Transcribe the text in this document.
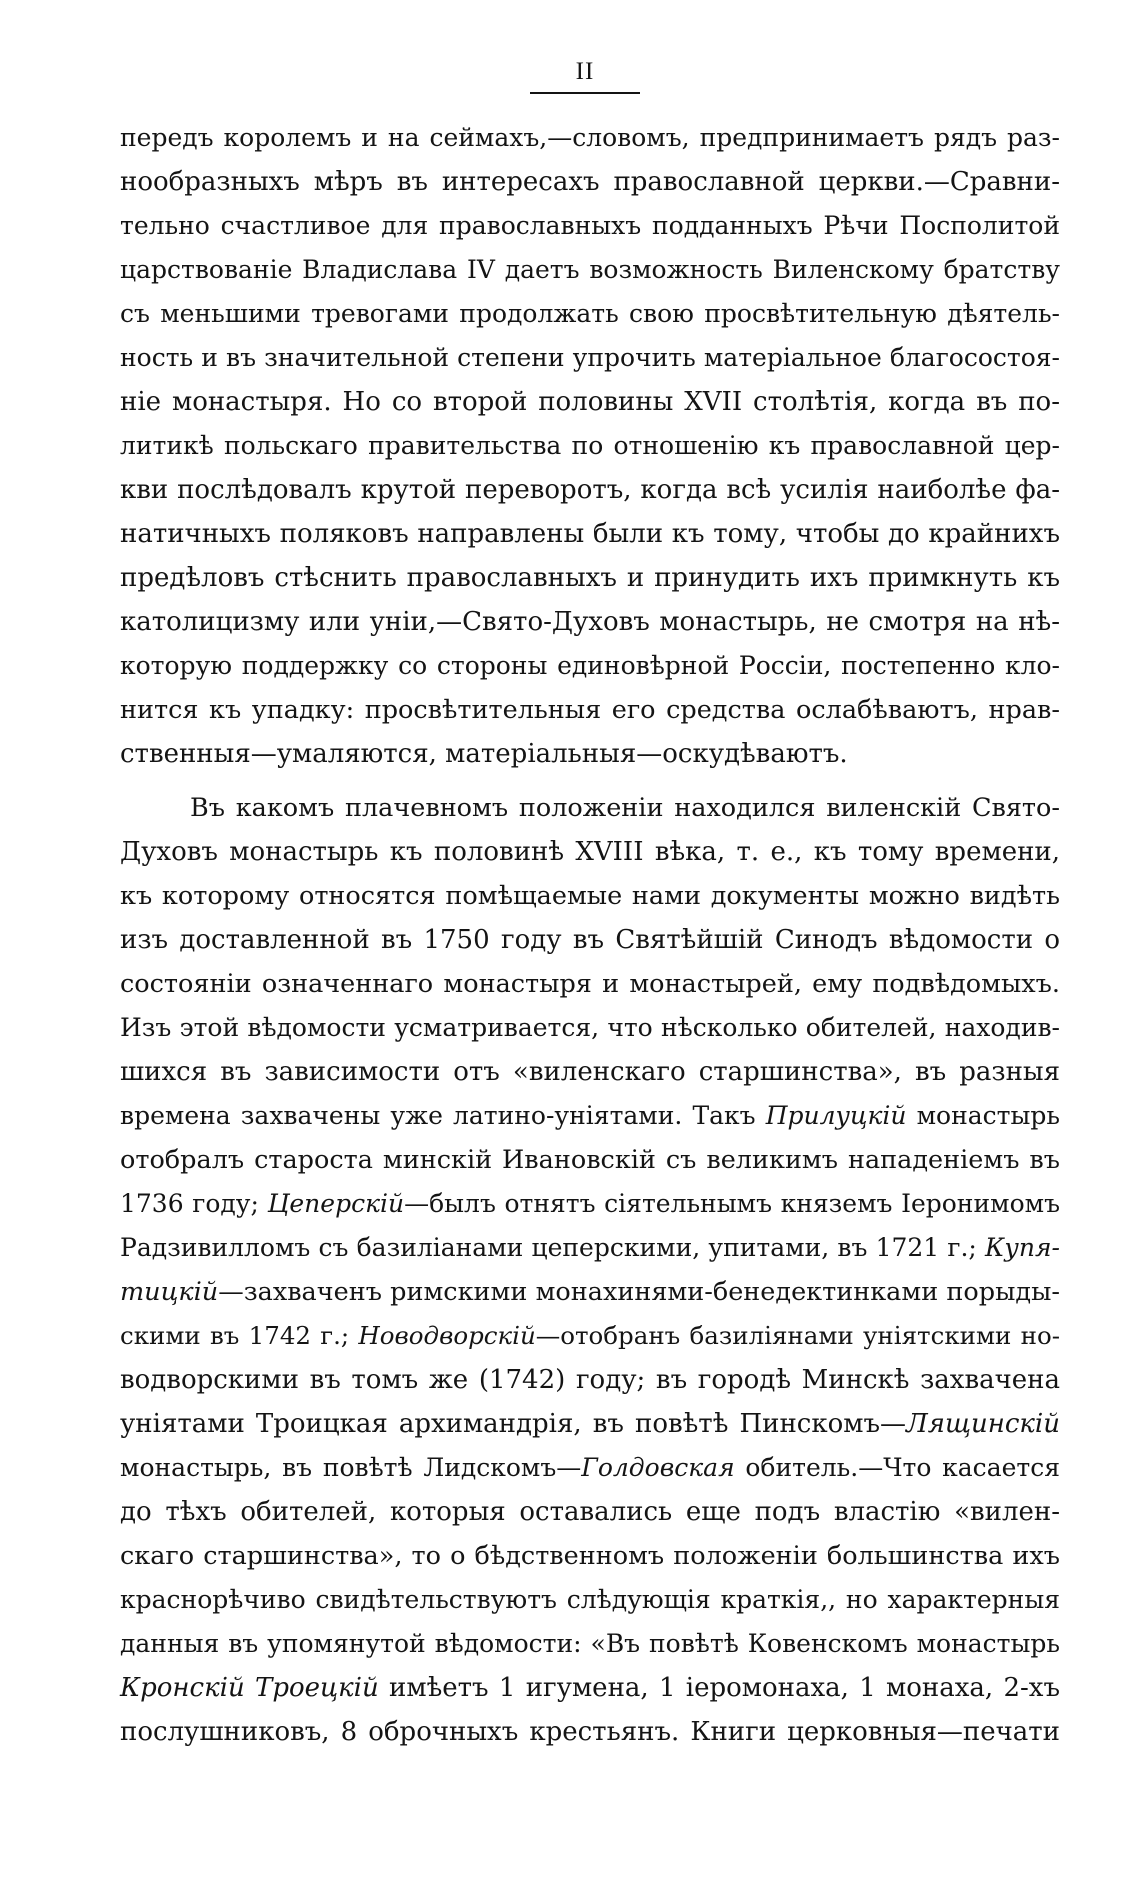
II
передъ королемъ и на сеймахъ,—словомъ, предпринимаетъ рядъ раз-
нообразныхъ мѣръ въ интересахъ православной церкви.—Сравни-
тельно счастливое для православныхъ подданныхъ Рѣчи Посполитой
царствованіе Владислава IV даетъ возможность Виленскому братству
съ меньшими тревогами продолжать свою просвѣтительную дѣятель-
ность и въ значительной степени упрочить матеріальное благосостоя-
ніе монастыря. Но со второй половины XVII столѣтія, когда въ по-
литикѣ польскаго правительства по отношенію къ православной цер-
кви послѣдовалъ крутой переворотъ, когда всѣ усилія наиболѣе фа-
натичныхъ поляковъ направлены были къ тому, чтобы до крайнихъ
предѣловъ стѣснить православныхъ и принудить ихъ примкнуть къ
католицизму или уніи,—Свято-Духовъ монастырь, не смотря на нѣ-
которую поддержку со стороны единовѣрной Россіи, постепенно кло-
нится къ упадку: просвѣтительныя его средства ослабѣваютъ, нрав-
ственныя—умаляются, матеріальныя—оскудѣваютъ.
Въ какомъ плачевномъ положеніи находился виленскій Свято-
Духовъ монастырь къ половинѣ XVIII вѣка, т. е., къ тому времени,
къ которому относятся помѣщаемые нами документы можно видѣть
изъ доставленной въ 1750 году въ Святѣйшій Синодъ вѣдомости о
состояніи означеннаго монастыря и монастырей, ему подвѣдомыхъ.
Изъ этой вѣдомости усматривается, что нѣсколько обителей, находив-
шихся въ зависимости отъ «виленскаго старшинства», въ разныя
времена захвачены уже латино-уніятами. Такъ Прилуцкій монастырь
отобралъ староста минскій Ивановскій съ великимъ нападеніемъ въ
1736 году; Цеперскій—былъ отнятъ сіятельнымъ княземъ Іеронимомъ
Радзивилломъ съ базиліанами цеперскими, упитами, въ 1721 г.; Купя-
тицкій—захваченъ римскими монахинями-бенедектинками порыды-
скими въ 1742 г.; Новодворскій—отобранъ базиліянами уніятскими но-
водворскими въ томъ же (1742) году; въ городѣ Минскѣ захвачена
уніятами Троицкая архимандрія, въ повѣтѣ Пинскомъ—Лящинскій
монастырь, въ повѣтѣ Лидскомъ—Голдовская обитель.—Что касается
до тѣхъ обителей, которыя оставались еще подъ властію «вилен-
скаго старшинства», то о бѣдственномъ положеніи большинства ихъ
краснорѣчиво свидѣтельствуютъ слѣдующія краткія,, но характерныя
данныя въ упомянутой вѣдомости: «Въ повѣтѣ Ковенскомъ монастырь
Кронскій Троецкій имѣетъ 1 игумена, 1 іеромонаха, 1 монаха, 2-хъ
послушниковъ, 8 оброчныхъ крестьянъ. Книги церковныя—печати
